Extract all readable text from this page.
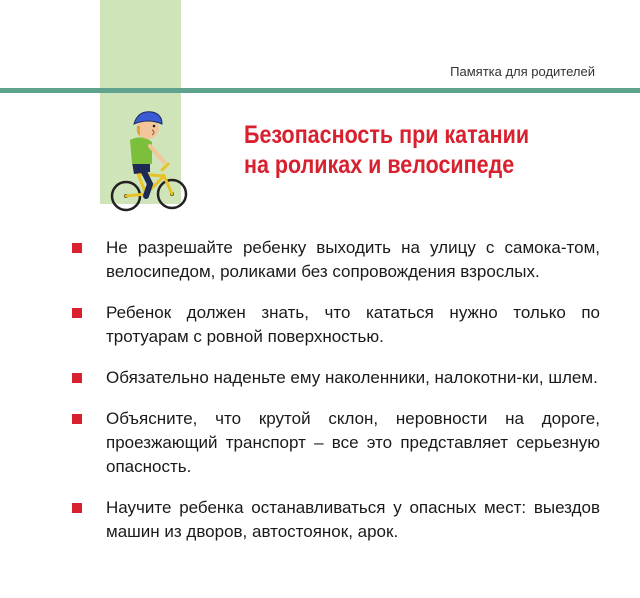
Памятка для родителей
Безопасность при катании
на роликах и велосипеде
Не разрешайте ребенку выходить на улицу с самока-том, велосипедом, роликами без сопровождения взрослых.
Ребенок должен знать, что кататься нужно только по тротуарам с ровной поверхностью.
Обязательно наденьте ему наколенники, налокотни-ки, шлем.
Объясните, что крутой склон, неровности на дороге, проезжающий транспорт – все это представляет серьезную опасность.
Научите ребенка останавливаться у опасных мест: выездов машин из дворов, автостоянок, арок.
